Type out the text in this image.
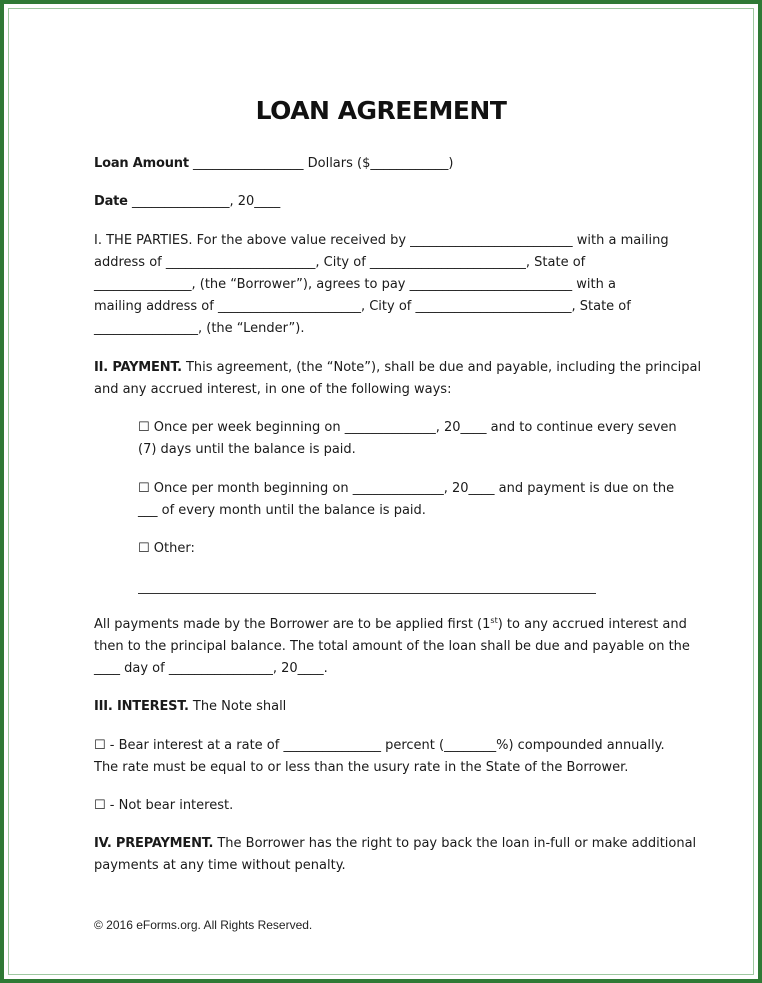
LOAN AGREEMENT
Loan Amount _________________ Dollars ($____________)
Date _______________, 20____
I. THE PARTIES. For the above value received by _________________________ with a mailing
address of _______________________, City of ________________________, State of
_______________, (the “Borrower”), agrees to pay _________________________ with a
mailing address of ______________________, City of ________________________, State of
________________, (the “Lender”).
II. PAYMENT. This agreement, (the “Note”), shall be due and payable, including the principal
and any accrued interest, in one of the following ways:
☐ Once per week beginning on ______________, 20____ and to continue every seven
(7) days until the balance is paid.
☐ Once per month beginning on ______________, 20____ and payment is due on the
___ of every month until the balance is paid.
☐ Other:
All payments made by the Borrower are to be applied first (1st) to any accrued interest and
then to the principal balance. The total amount of the loan shall be due and payable on the
____ day of ________________, 20____.
III. INTEREST. The Note shall
☐ - Bear interest at a rate of _______________ percent (________%) compounded annually.
The rate must be equal to or less than the usury rate in the State of the Borrower.
☐ - Not bear interest.
IV. PREPAYMENT. The Borrower has the right to pay back the loan in-full or make additional
payments at any time without penalty.
© 2016 eForms.org. All Rights Reserved.
